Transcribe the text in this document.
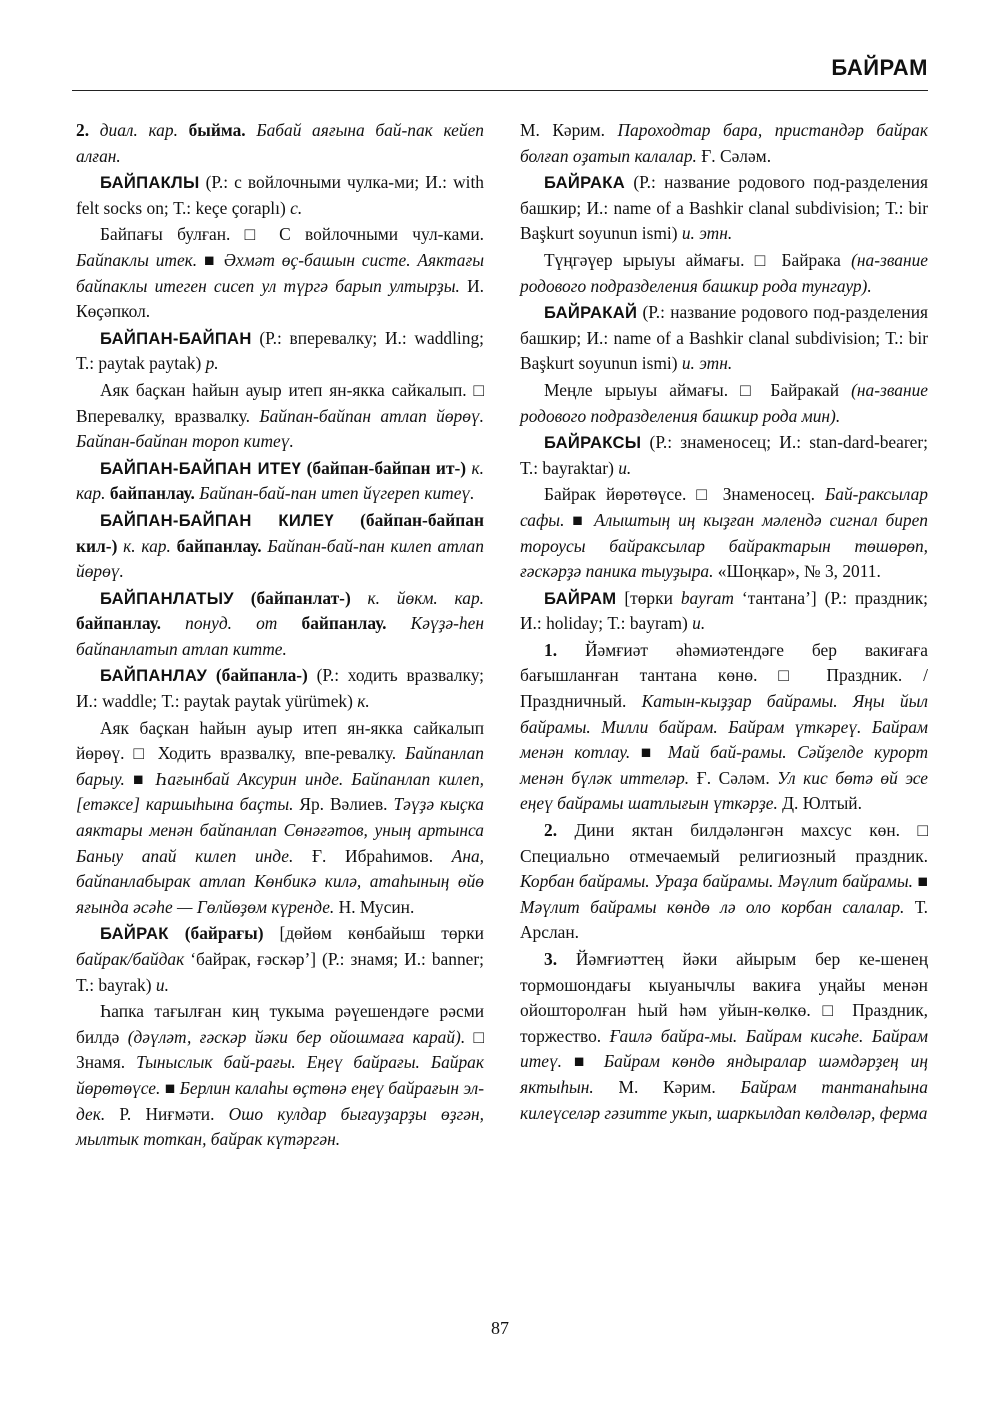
БАЙРАМ

2. диал. кар. быйма. Бабай аяғына бай-пак кейеп алған.

БАЙПАКЛЫ (Р.: с войлочными чулка-ми; И.: with felt socks on; Т.: keçe çoraplı) с.

Байпағы булған. □ С войлочными чул-ками. Байпаклы итек. ■ Әхмәт өҫ-башын систе. Аяктағы байпаклы итеген сисеп ул түргә барып ултырҙы. И. Көҫәпкол.

БАЙПАН-БАЙПАН (Р.: вперевалку; И.: waddling; Т.: paytak paytak) р.

Аяк баҫкан һайын ауыр итеп ян-якка сайкалып. □ Вперевалку, вразвалку. Байпан-байпан атлап йөрөү. Байпан-байпан тороп китеү.

БАЙПАН-БАЙПАН ИТЕҮ (байпан-байпан ит-) к. кар. байпанлау. Байпан-бай-пан итеп йүгереп китеү.

БАЙПАН-БАЙПАН КИЛЕҮ (байпан-байпан кил-) к. кар. байпанлау. Байпан-бай-пан килеп атлап йөрөү.

БАЙПАНЛАТЫУ (байпанлат-) к. йөкм. кар. байпанлау. понуд. от байпанлау. Кәүҙә-һен байпанлатып атлап китте.

БАЙПАНЛАУ (байпанла-) (Р.: ходить вразвалку; И.: waddle; Т.: paytak paytak yürümek) к.

Аяк баҫкан һайын ауыр итеп ян-якка сайкалып йөрөү. □ Ходить вразвалку, впе-ревалку. Байпанлап барыу. ■ Һағынбай Аксурин инде. Байпанлап килеп, [етәксе] каршыһына баҫты. Яр. Вәлиев. Тәүҙә кыҫка аяктары менән байпанлап Сөнәғәтов, уның артынса Баныу апай килеп инде. Ғ. Ибраһимов. Ана, байпанлабырак атлап Көнбикә килә, атаһының өйө яғында әсәһе — Гөлйөҙөм күренде. Н. Мусин.

БАЙРАК (байрағы) [дөйөм көнбайыш төрки байрак/байдак ‘байрак, ғәскәр’] (Р.: знамя; И.: banner; Т.: bayrak) и.

Һапка тағылған киң тукыма рәүешендәге рәсми билдә (дәүләт, ғәскәр йәки бер ойошмаға карай). □ Знамя. Тыныслык бай-рағы. Еңеү байрағы. Байрак йөрөтөүсе. ■ Берлин калаһы өҫтөнә еңеү байрағын эл-дек. Р. Ниғмәти. Ошо кулдар бығауҙарҙы өҙгән, мылтык тоткан, байрак күтәргән.

М. Кәрим. Пароходтар бара, пристандәр байрак болғап оҙатып калалар. Ғ. Сәләм.

БАЙРАКА (Р.: название родового под-разделения башкир; И.: name of a Bashkir clanal subdivision; Т.: bir Başkurt soyunun ismi) и. этн.

Түңгәүер ырыуы аймағы. □ Байрака (на-звание родового подразделения башкир рода тунгаур).

БАЙРАКАЙ (Р.: название родового под-разделения башкир; И.: name of a Bashkir clanal subdivision; Т.: bir Başkurt soyunun ismi) и. этн.

Меңле ырыуы аймағы. □ Байракай (на-звание родового подразделения башкир рода мин).

БАЙРАКСЫ (Р.: знаменосец; И.: stan-dard-bearer; Т.: bayraktar) и.

Байрак йөрөтөүсе. □ Знаменосец. Бай-раксылар сафы. ■ Алыштың иң кыҙған мәлендә сигнал биреп тороусы байраксылар байрактарын төшөрөп, ғәскәрҙә паника тыуҙыра. «Шоңкар», № 3, 2011.

БАЙРАМ [төрки bayram ‘тантана’] (Р.: праздник; И.: holiday; Т.: bayram) и.

1. Йәмғиәт әһәмиәтендәге бер вакиғаға бағышланған тантана көнө. □ Праздник. / Праздничный. Катын-кыҙҙар байрамы. Яңы йыл байрамы. Милли байрам. Байрам үткәреү. Байрам менән котлау. ■ Май бай-рамы. Сәйҙелде курорт менән бүләк иттеләр. Ғ. Сәләм. Ул кис бөтә өй эсе еңеү байрамы шатлығын үткәрҙе. Д. Юлтый.

2. Дини яктан билдәләнгән махсус көн. □ Специально отмечаемый религиозный праздник. Корбан байрамы. Ураҙа байрамы. Мәүлит байрамы. ■ Мәүлит байрамы көндө лә оло корбан салалар. Т. Арслан.

3. Йәмғиәттең йәки айырым бер ке-шенең тормошондағы кыуанычлы вакиға уңайы менән ойошторолған һый һәм уйын-көлкө. □ Праздник, торжество. Ғаилә байра-мы. Байрам кисәһе. Байрам итеү. ■ Байрам көндө яндыралар шәмдәрҙең иң яктыһын. М. Кәрим. Байрам тантанаһына килеүселәр гәзитте укып, шаркылдап көлдөләр, ферма

87
